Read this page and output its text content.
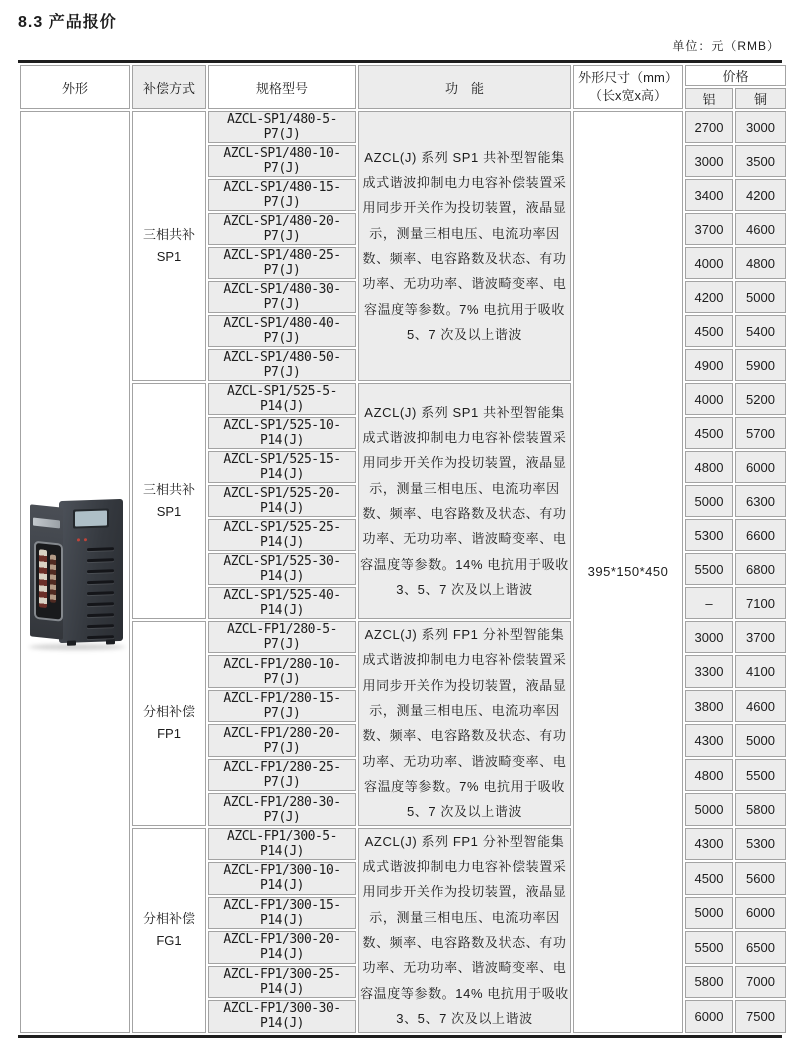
8.3 产品报价
单位：元（RMB）
外形	补偿方式	规格型号	功　能	外形尺寸（mm）
（长x宽x高）	价格	
					铝	铜

	三相共补
SP1	AZCL-SP1/480-5-P7(J)	AZCL(J) 系列 SP1 共补型智能集成式谐波抑制电力电容补偿装置采用同步开关作为投切装置，液晶显示，测量三相电压、电流功率因数、频率、电容路数及状态、有功功率、无功功率、谐波畸变率、电容温度等参数。7% 电抗用于吸收 5、7 次及以上谐波	395*150*450	2700	3000
		AZCL-SP1/480-10-P7(J)			3000	3500
		AZCL-SP1/480-15-P7(J)			3400	4200
		AZCL-SP1/480-20-P7(J)			3700	4600
		AZCL-SP1/480-25-P7(J)			4000	4800
		AZCL-SP1/480-30-P7(J)			4200	5000
		AZCL-SP1/480-40-P7(J)			4500	5400
		AZCL-SP1/480-50-P7(J)			4900	5900

	三相共补
SP1	AZCL-SP1/525-5-P14(J)	AZCL(J) 系列 SP1 共补型智能集成式谐波抑制电力电容补偿装置采用同步开关作为投切装置，液晶显示，测量三相电压、电流功率因数、频率、电容路数及状态、有功功率、无功功率、谐波畸变率、电容温度等参数。14% 电抗用于吸收 3、5、7 次及以上谐波		4000	5200
		AZCL-SP1/525-10-P14(J)			4500	5700
		AZCL-SP1/525-15-P14(J)			4800	6000
		AZCL-SP1/525-20-P14(J)			5000	6300
		AZCL-SP1/525-25-P14(J)			5300	6600
		AZCL-SP1/525-30-P14(J)			5500	6800
		AZCL-SP1/525-40-P14(J)			–	7100

	分相补偿
FP1	AZCL-FP1/280-5-P7(J)	AZCL(J) 系列 FP1 分补型智能集成式谐波抑制电力电容补偿装置采用同步开关作为投切装置，液晶显示，测量三相电压、电流功率因数、频率、电容路数及状态、有功功率、无功功率、谐波畸变率、电容温度等参数。7% 电抗用于吸收 5、7 次及以上谐波		3000	3700
		AZCL-FP1/280-10-P7(J)			3300	4100
		AZCL-FP1/280-15-P7(J)			3800	4600
		AZCL-FP1/280-20-P7(J)			4300	5000
		AZCL-FP1/280-25-P7(J)			4800	5500
		AZCL-FP1/280-30-P7(J)			5000	5800

	分相补偿
FG1	AZCL-FP1/300-5-P14(J)	AZCL(J) 系列 FP1 分补型智能集成式谐波抑制电力电容补偿装置采用同步开关作为投切装置，液晶显示，测量三相电压、电流功率因数、频率、电容路数及状态、有功功率、无功功率、谐波畸变率、电容温度等参数。14% 电抗用于吸收 3、5、7 次及以上谐波		4300	5300
		AZCL-FP1/300-10-P14(J)			4500	5600
		AZCL-FP1/300-15-P14(J)			5000	6000
		AZCL-FP1/300-20-P14(J)			5500	6500
		AZCL-FP1/300-25-P14(J)			5800	7000
		AZCL-FP1/300-30-P14(J)			6000	7500
